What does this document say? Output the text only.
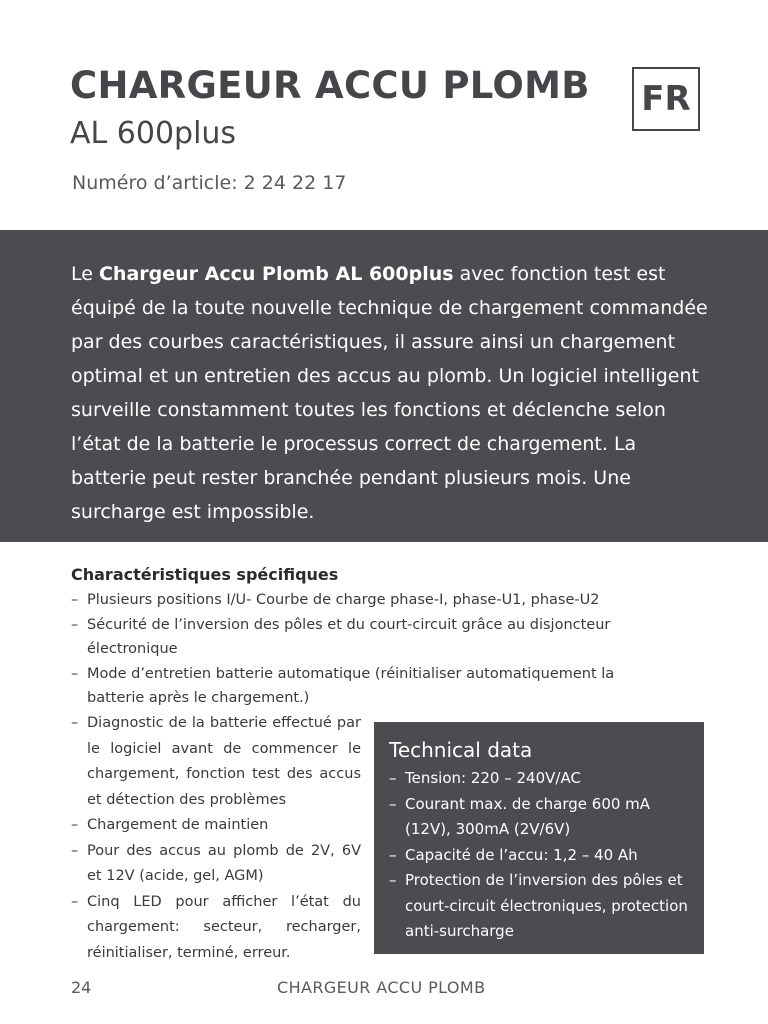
CHARGEUR ACCU PLOMB
AL 600plus
Numéro d’article: 2 24 22 17
FR

Le Chargeur Accu Plomb AL 600plus avec fonction test est équipé de la toute nouvelle technique de chargement commandée par des courbes caractéristiques, il assure ainsi un chargement optimal et un entretien des accus au plomb. Un logiciel intelligent surveille constamment toutes les fonctions et déclenche selon l’état de la batterie le processus correct de chargement. La batterie peut rester branchée pendant plusieurs mois. Une surcharge est impossible.

Charactéristiques spécifiques
– Plusieurs positions I/U- Courbe de charge phase-I, phase-U1, phase-U2
– Sécurité de l’inversion des pôles et du court-circuit grâce au disjoncteur électronique
– Mode d’entretien batterie automatique (réinitialiser automatiquement la batterie après le chargement.)
– Diagnostic de la batterie effectué par le logiciel avant de commencer le chargement, fonction test des accus et détection des problèmes
– Chargement de maintien
– Pour des accus au plomb de 2V, 6V et 12V (acide, gel, AGM)
– Cinq LED pour afficher l’état du chargement: secteur, recharger, réinitialiser, terminé, erreur.
Technical data
– Tension: 220 – 240V/AC
– Courant max. de charge 600 mA (12V), 300mA (2V/6V)
– Capacité de l’accu: 1,2 – 40 Ah
– Protection de l’inversion des pôles et court-circuit électroniques, protection anti-surcharge
24	CHARGEUR ACCU PLOMB
